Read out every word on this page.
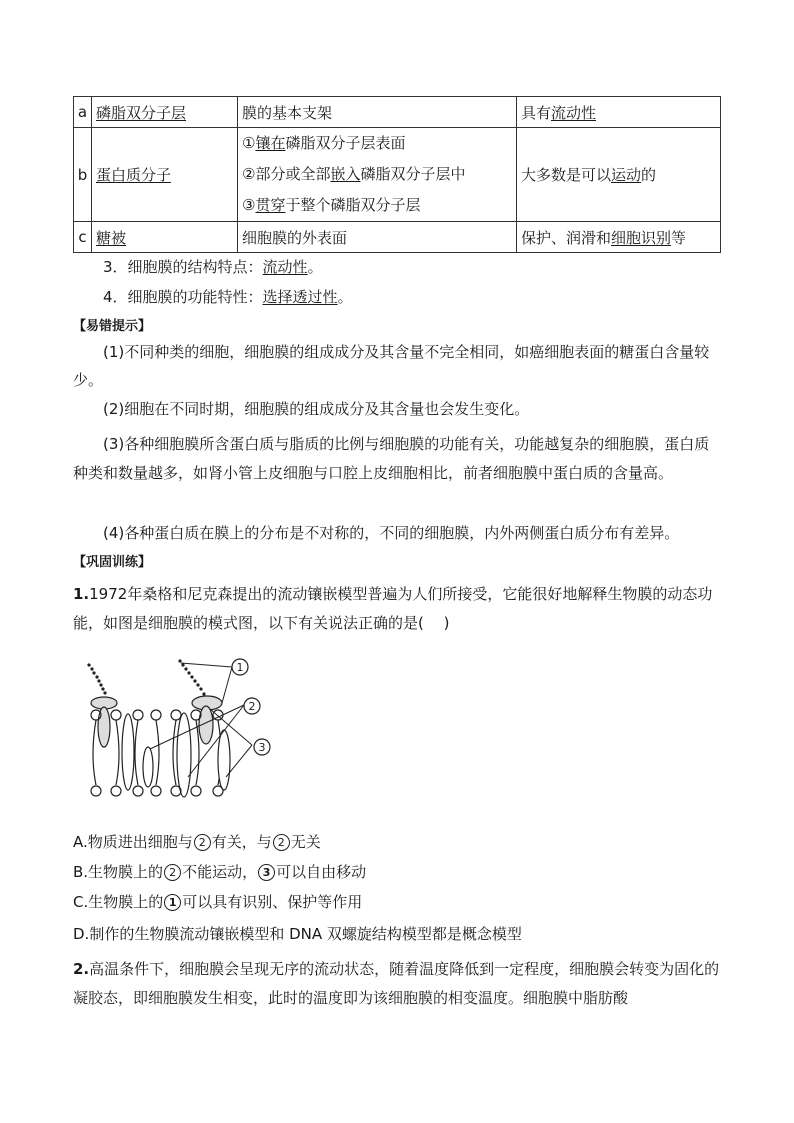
a	磷脂双分子层	膜的基本支架	具有流动性
b	蛋白质分子	①镶在磷脂双分子层表面
②部分或全部嵌入磷脂双分子层中
③贯穿于整个磷脂双分子层	大多数是可以运动的
c	糖被	细胞膜的外表面	保护、润滑和细胞识别等
3．细胞膜的结构特点：流动性。
4．细胞膜的功能特性：选择透过性。
【易错提示】
(1)不同种类的细胞，细胞膜的组成成分及其含量不完全相同，如癌细胞表面的糖蛋白含量较少。
(2)细胞在不同时期，细胞膜的组成成分及其含量也会发生变化。
(3)各种细胞膜所含蛋白质与脂质的比例与细胞膜的功能有关，功能越复杂的细胞膜，蛋白质种类和数量越多，如肾小管上皮细胞与口腔上皮细胞相比，前者细胞膜中蛋白质的含量高。
(4)各种蛋白质在膜上的分布是不对称的，不同的细胞膜，内外两侧蛋白质分布有差异。
【巩固训练】
1.1972年桑格和尼克森提出的流动镶嵌模型普遍为人们所接受，它能很好地解释生物膜的动态功能，如图是细胞膜的模式图，以下有关说法正确的是(　 )
1
2
3
A.物质进出细胞与 2 有关，与 2 无关
B.生物膜上的 2 不能运动， 3 可以自由移动
C.生物膜上的 1 可以具有识别、保护等作用
D.制作的生物膜流动镶嵌模型和 DNA 双螺旋结构模型都是概念模型
2.高温条件下，细胞膜会呈现无序的流动状态，随着温度降低到一定程度，细胞膜会转变为固化的凝胶态，即细胞膜发生相变，此时的温度即为该细胞膜的相变温度。细胞膜中脂肪酸
